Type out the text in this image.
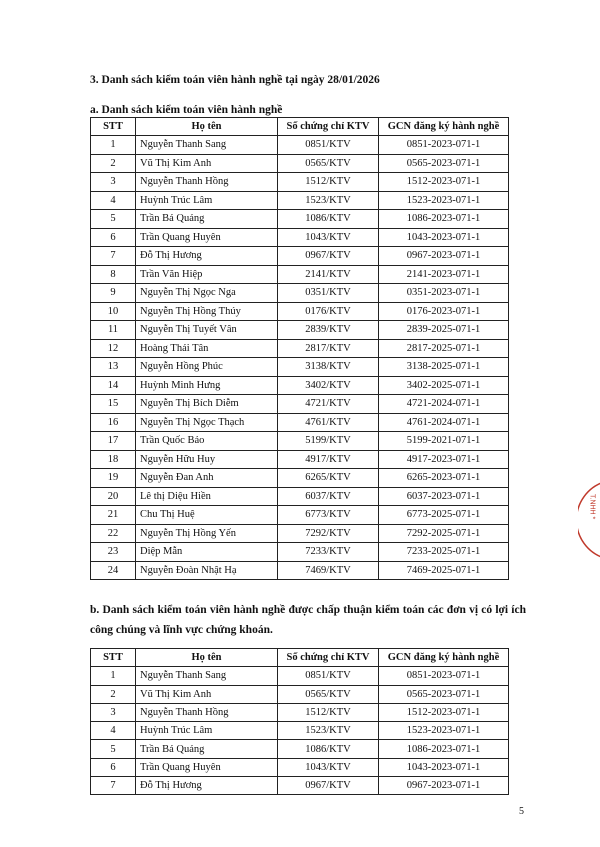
3. Danh sách kiểm toán viên hành nghề tại ngày 28/01/2026
a. Danh sách kiểm toán viên hành nghề
STT	Họ tên	Số chứng chỉ KTV	GCN đăng ký hành nghề
1	Nguyễn Thanh Sang	0851/KTV	0851-2023-071-1
2	Vũ Thị Kim Anh	0565/KTV	0565-2023-071-1
3	Nguyễn Thanh Hồng	1512/KTV	1512-2023-071-1
4	Huỳnh Trúc Lâm	1523/KTV	1523-2023-071-1
5	Trần Bá Quảng	1086/KTV	1086-2023-071-1
6	Trần Quang Huyên	1043/KTV	1043-2023-071-1
7	Đỗ Thị Hương	0967/KTV	0967-2023-071-1
8	Trần Văn Hiệp	2141/KTV	2141-2023-071-1
9	Nguyễn Thị Ngọc Nga	0351/KTV	0351-2023-071-1
10	Nguyễn Thị Hồng Thúy	0176/KTV	0176-2023-071-1
11	Nguyễn Thị Tuyết Vân	2839/KTV	2839-2025-071-1
12	Hoàng Thái Tân	2817/KTV	2817-2025-071-1
13	Nguyễn Hồng Phúc	3138/KTV	3138-2025-071-1
14	Huỳnh Minh Hưng	3402/KTV	3402-2025-071-1
15	Nguyễn Thị Bích Diễm	4721/KTV	4721-2024-071-1
16	Nguyễn Thị Ngọc Thạch	4761/KTV	4761-2024-071-1
17	Trần Quốc Bảo	5199/KTV	5199-2021-071-1
18	Nguyễn Hữu Huy	4917/KTV	4917-2023-071-1
19	Nguyễn Đan Anh	6265/KTV	6265-2023-071-1
20	Lê thị Diệu Hiền	6037/KTV	6037-2023-071-1
21	Chu Thị Huệ	6773/KTV	6773-2025-071-1
22	Nguyễn Thị Hồng Yến	7292/KTV	7292-2025-071-1
23	Diệp Mẫn	7233/KTV	7233-2025-071-1
24	Nguyễn Đoàn Nhật Hạ	7469/KTV	7469-2025-071-1
b. Danh sách kiểm toán viên hành nghề được chấp thuận kiểm toán các đơn vị có lợi ích công chúng và lĩnh vực chứng khoán.
STT	Họ tên	Số chứng chỉ KTV	GCN đăng ký hành nghề
1	Nguyễn Thanh Sang	0851/KTV	0851-2023-071-1
2	Vũ Thị Kim Anh	0565/KTV	0565-2023-071-1
3	Nguyễn Thanh Hồng	1512/KTV	1512-2023-071-1
4	Huỳnh Trúc Lâm	1523/KTV	1523-2023-071-1
5	Trần Bá Quảng	1086/KTV	1086-2023-071-1
6	Trần Quang Huyên	1043/KTV	1043-2023-071-1
7	Đỗ Thị Hương	0967/KTV	0967-2023-071-1
5
T.NHH *
